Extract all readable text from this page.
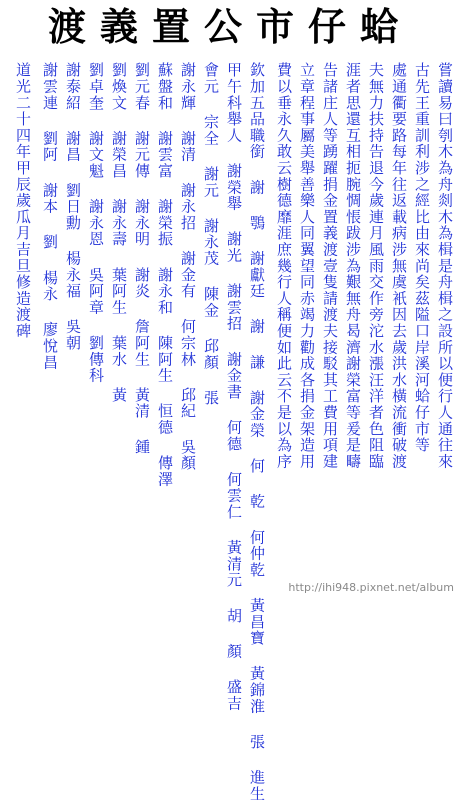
渡義置公市仔蛤
嘗讀易曰刳木為舟剡木為楫是舟楫之設所以便行人通往來
古先王重訓利涉之經比由來尚矣茲隘口岸溪河蛤仔市等
處通衢要路每年往返載病涉無虞衹因去歲洪水橫流衝破渡
夫無力扶持告退今歲連月風雨交作旁沱水漲汪洋者色阻臨
涯者思還互相扼腕惆悵跋涉為艱無舟曷濟謝榮富等爰是疇
告諸庄人等踴躍捐金置義渡壹隻請渡夫接駁其工費用項建
立章程事屬美舉善樂人同翼望同赤竭力勸成各捐金架造用
費以垂永久敢云樹德靡涯庶幾行人稱便如此云不是以為序
欽加五品職銜 謝 鶚 謝獻廷 謝 謙 謝金榮 何 乾 何仲乾 黃昌寶 黃錦淮 張 進生
甲午科舉人 謝榮舉 謝光 謝雲招 謝金書 何德 何雲仁 黃清元 胡 顏 盛吉
會元 宗全 謝元 謝永茂 陳金 邱顏 張
謝永輝 謝清 謝永招 謝金有 何宗林 邱紀 吳顏
蘇盤和 謝雲富 謝榮振 謝永和 陳阿生 恒德 傳澤
劉元春 謝元傳 謝永明 謝炎 詹阿生 黃清 鍾
劉煥文 謝榮昌 謝永壽 葉阿生 葉水 黃
劉卓奎 謝文魁 謝永恩 吳阿章 劉傳科
謝泰紹 謝昌 劉日勳 楊永福 吳朝
謝雲連 劉阿 謝本 劉 楊永 廖悅昌
道光二十四年甲辰歲瓜月吉旦修造渡碑
http://ihi948.pixnet.net/album
